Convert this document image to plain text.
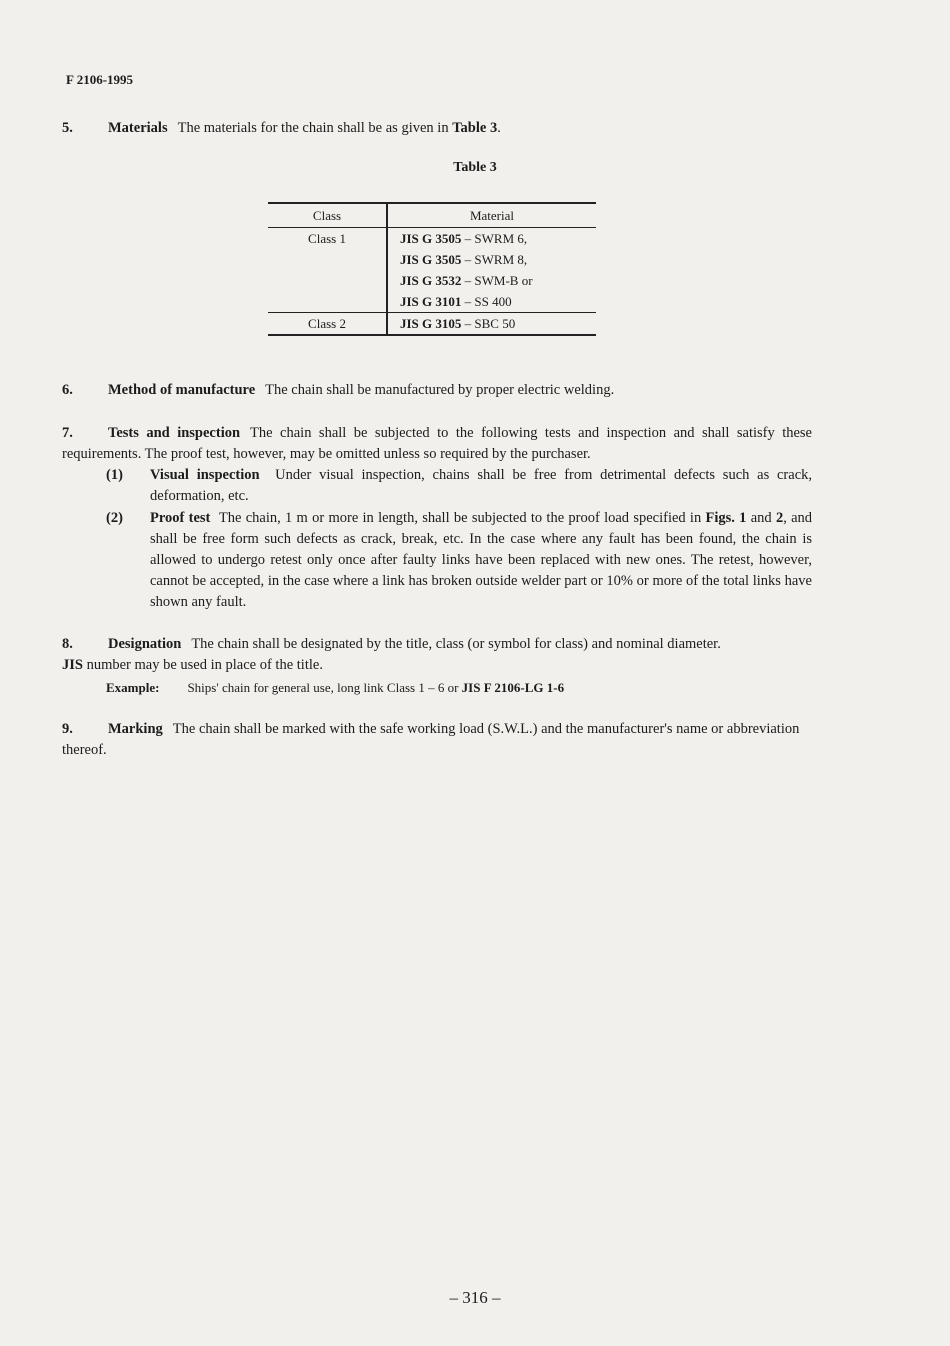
F 2106-1995
5. Materials The materials for the chain shall be as given in Table 3.
Table 3
Class	Material
Class 1	JIS G 3505 – SWRM 6,
	JIS G 3505 – SWRM 8,
	JIS G 3532 – SWM-B or
	JIS G 3101 – SS 400
Class 2	JIS G 3105 – SBC 50
6. Method of manufacture The chain shall be manufactured by proper electric welding.
7. Tests and inspection The chain shall be subjected to the following tests and inspection and shall satisfy these requirements. The proof test, however, may be omitted unless so required by the purchaser.
(1) Visual inspection Under visual inspection, chains shall be free from detrimental defects such as crack, deformation, etc.
(2) Proof test The chain, 1 m or more in length, shall be subjected to the proof load specified in Figs. 1 and 2, and shall be free form such defects as crack, break, etc. In the case where any fault has been found, the chain is allowed to undergo retest only once after faulty links have been replaced with new ones. The retest, however, cannot be accepted, in the case where a link has broken outside welder part or 10% or more of the total links have shown any fault.
8. Designation The chain shall be designated by the title, class (or symbol for class) and nominal diameter.
JIS number may be used in place of the title.
Example: Ships' chain for general use, long link Class 1 – 6 or JIS F 2106-LG 1-6
9. Marking The chain shall be marked with the safe working load (S.W.L.) and the manufacturer's name or abbreviation thereof.
– 316 –
